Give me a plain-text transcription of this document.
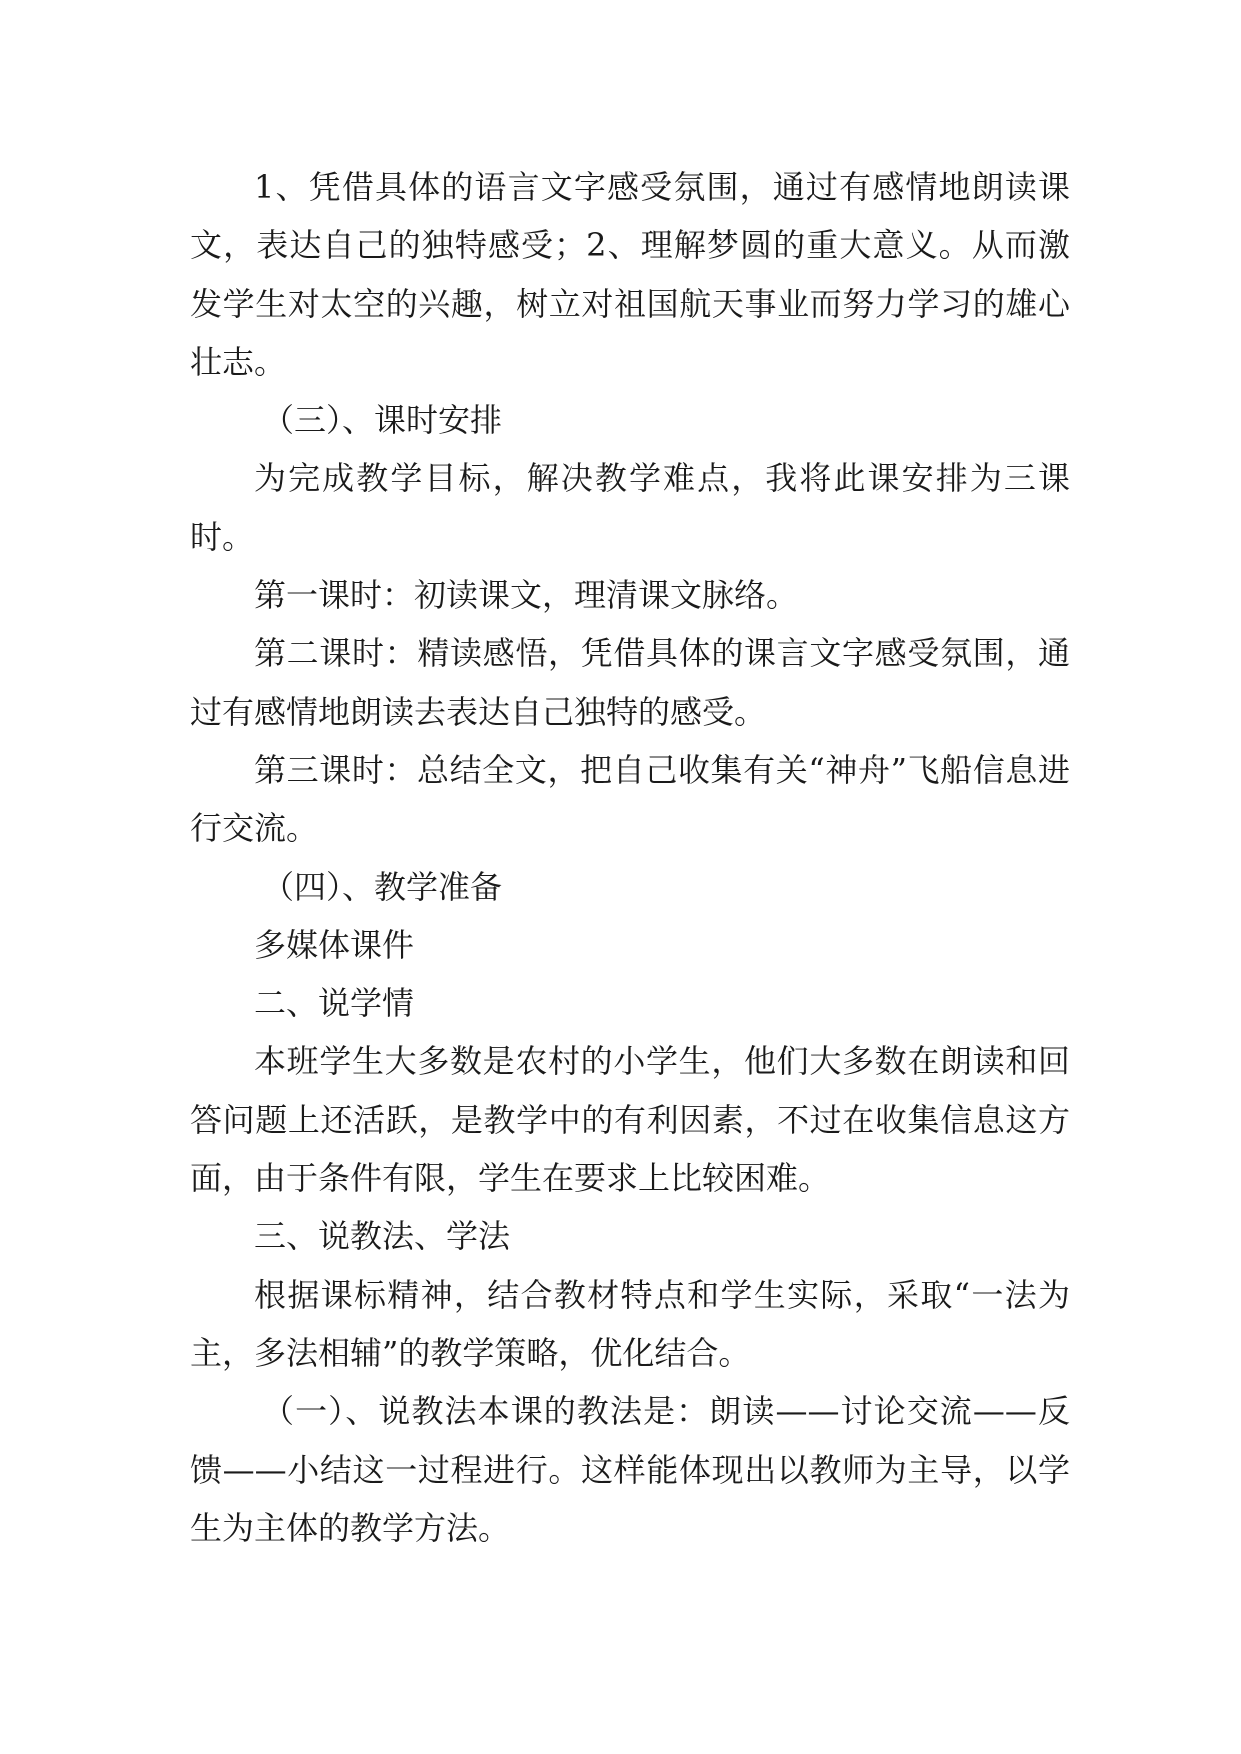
1、凭借具体的语言文字感受氛围，通过有感情地朗读课文，表达自己的独特感受；2、理解梦圆的重大意义。从而激发学生对太空的兴趣，树立对祖国航天事业而努力学习的雄心壮志。

（三）、课时安排

为完成教学目标，解决教学难点，我将此课安排为三课时。

第一课时：初读课文，理清课文脉络。

第二课时：精读感悟，凭借具体的课言文字感受氛围，通过有感情地朗读去表达自己独特的感受。

第三课时：总结全文，把自己收集有关“神舟”飞船信息进行交流。

（四）、教学准备

多媒体课件

二、说学情

本班学生大多数是农村的小学生，他们大多数在朗读和回答问题上还活跃，是教学中的有利因素，不过在收集信息这方面，由于条件有限，学生在要求上比较困难。

三、说教法、学法

根据课标精神，结合教材特点和学生实际，采取“一法为主，多法相辅”的教学策略，优化结合。

（一）、说教法本课的教法是：朗读——讨论交流——反馈——小结这一过程进行。这样能体现出以教师为主导，以学生为主体的教学方法。
